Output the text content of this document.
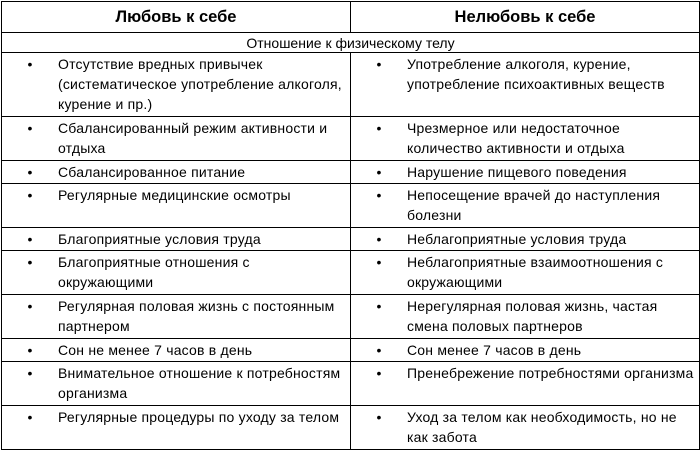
Любовь к себе	Нелюбовь к себе
Отношение к физическому телу	

• Отсутствие вредных привычек (систематическое употребление алкоголя, курение и пр.)	• Употребление алкоголя, курение, употребление психоактивных веществ

• Сбалансированный режим активности и отдыха	• Чрезмерное или недостаточное количество активности и отдыха

• Сбалансированное питание	• Нарушение пищевого поведения

• Регулярные медицинские осмотры	• Непосещение врачей до наступления болезни

• Благоприятные условия труда	• Неблагоприятные условия труда

• Благоприятные отношения с окружающими	• Неблагоприятные взаимоотношения с окружающими

• Регулярная половая жизнь с постоянным партнером	• Нерегулярная половая жизнь, частая смена половых партнеров

• Сон не менее 7 часов в день	• Сон менее 7 часов в день

• Внимательное отношение к потребностям организма	• Пренебрежение потребностями организма

• Регулярные процедуры по уходу за телом	• Уход за телом как необходимость, но не как забота
